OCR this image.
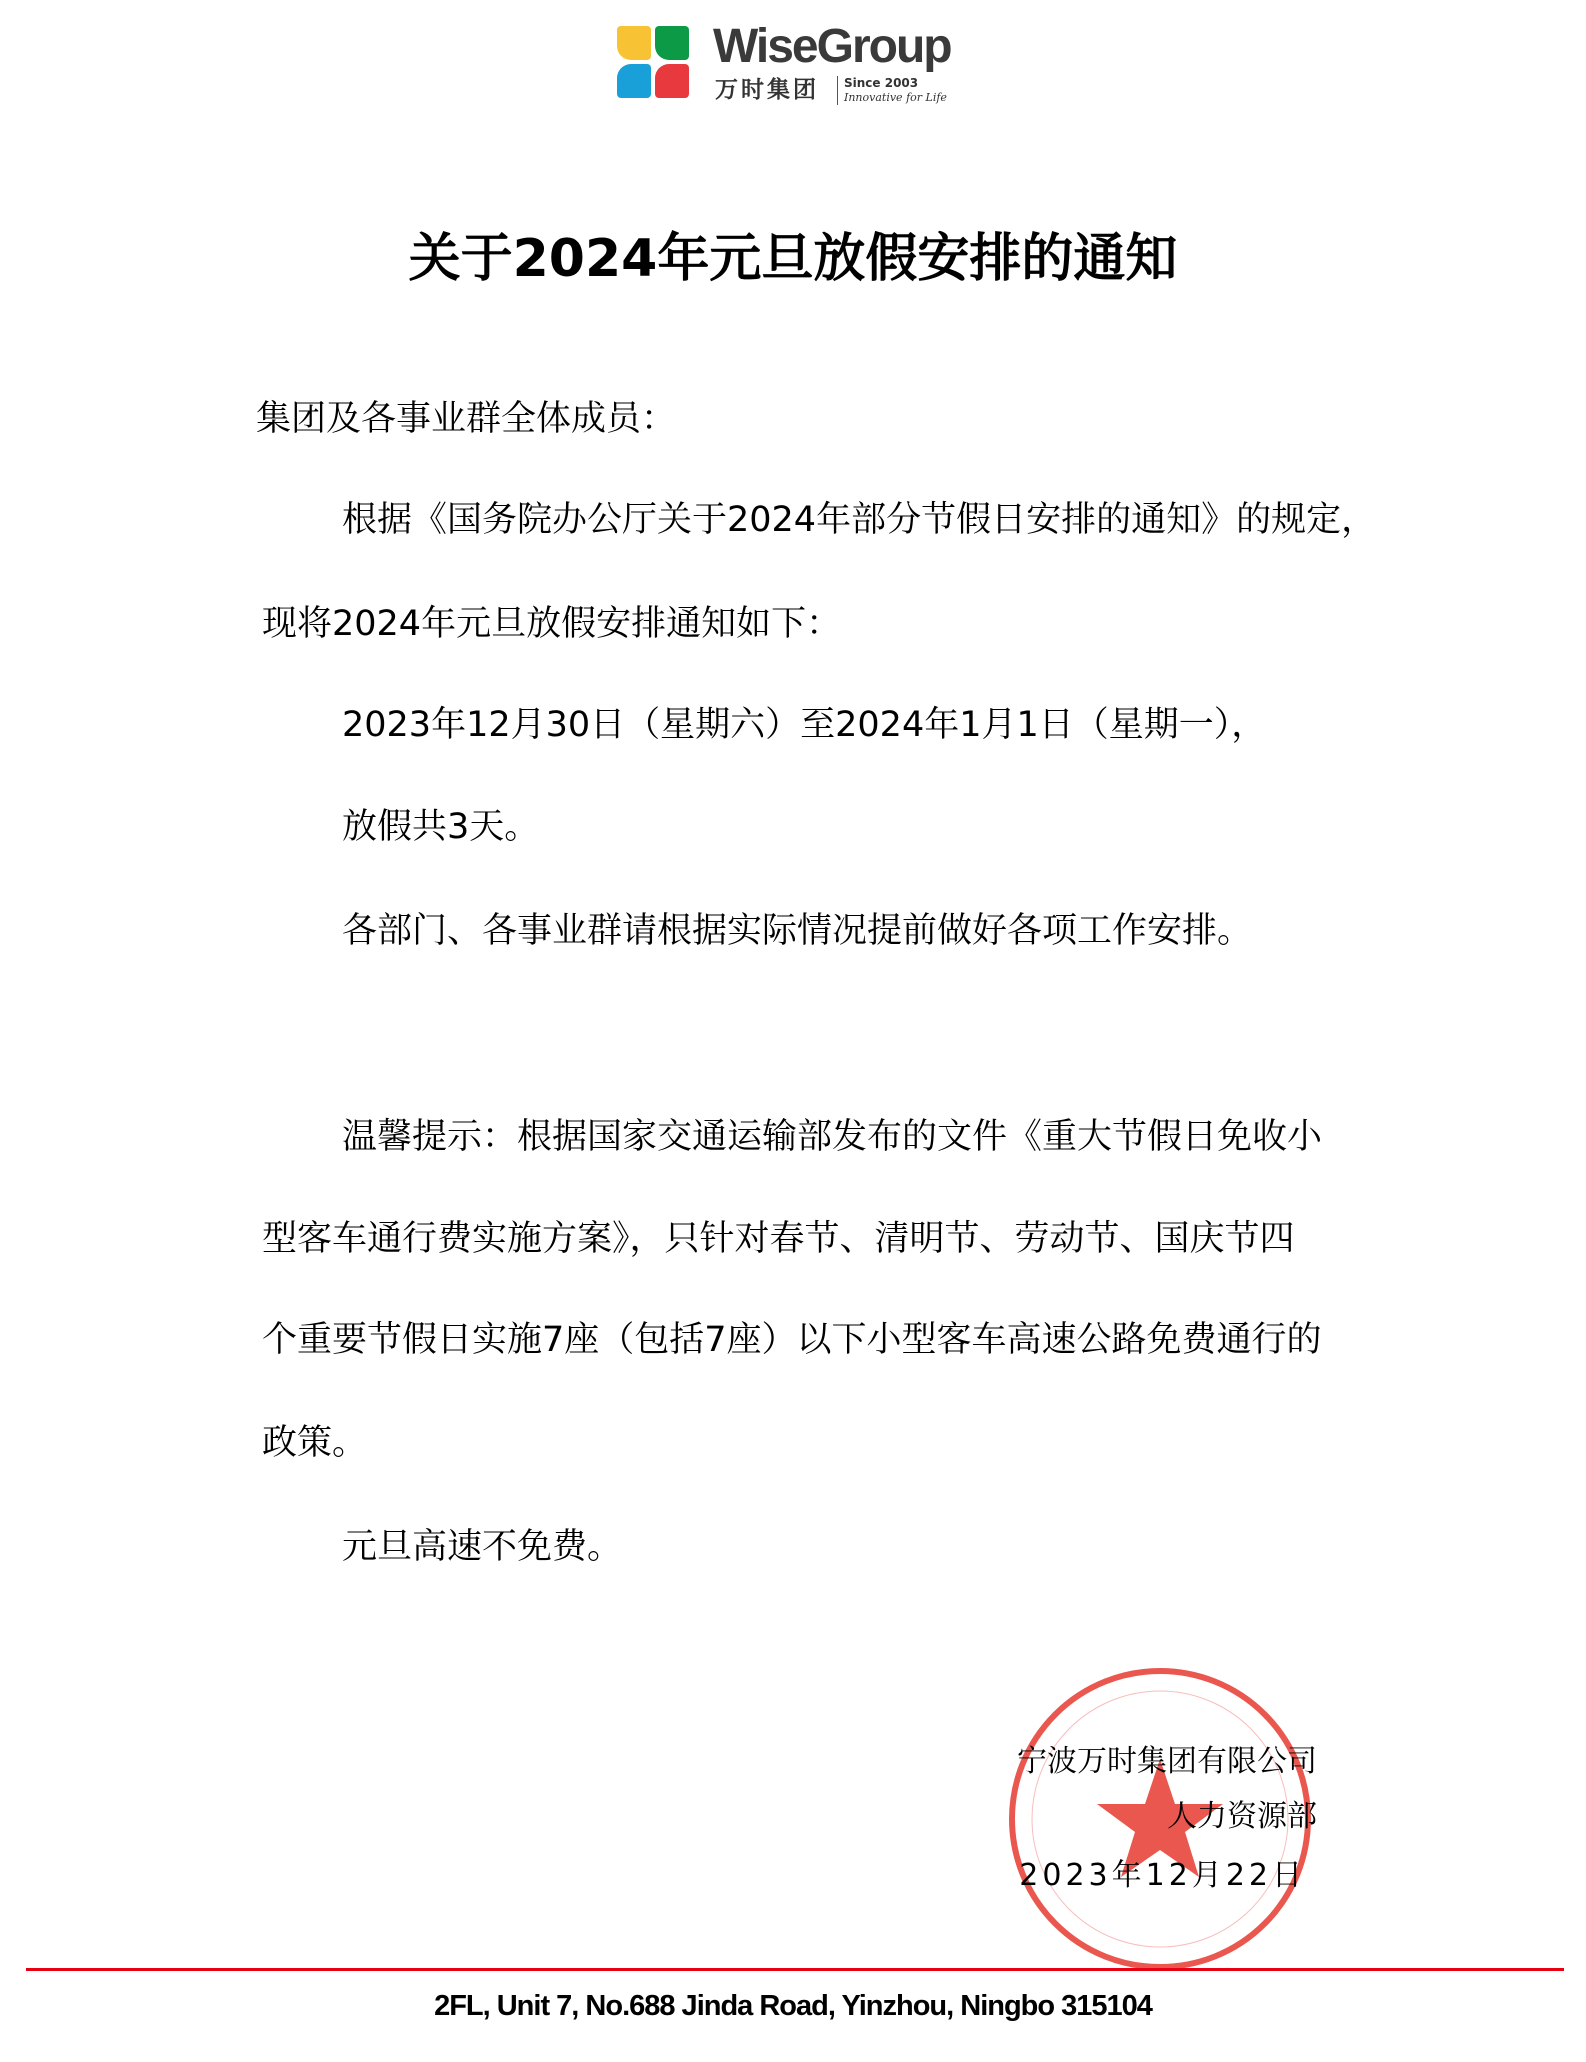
WiseGroup
万时集团	Since 2003
Innovative for Life
关于2024年元旦放假安排的通知
集团及各事业群全体成员：
根据《国务院办公厅关于2024年部分节假日安排的通知》的规定，
现将2024年元旦放假安排通知如下：
2023年12月30日（星期六）至2024年1月1日（星期一），
放假共3天。
各部门、各事业群请根据实际情况提前做好各项工作安排。
温馨提示：根据国家交通运输部发布的文件《重大节假日免收小
型客车通行费实施方案》，只针对春节、清明节、劳动节、国庆节四
个重要节假日实施7座（包括7座）以下小型客车高速公路免费通行的
政策。
元旦高速不免费。
宁波万时集团有限公司
人力资源部
2023年12月22日
2FL, Unit 7, No.688 Jinda Road, Yinzhou, Ningbo 315104
